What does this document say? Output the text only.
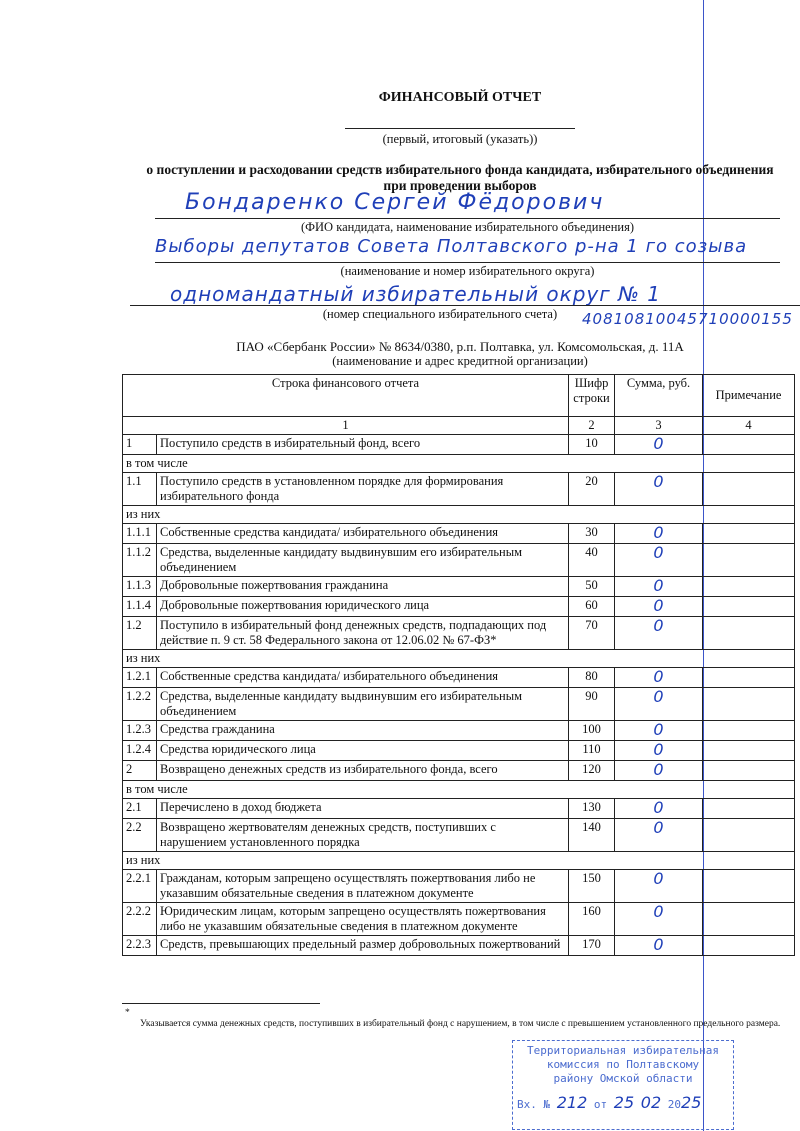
ФИНАНСОВЫЙ ОТЧЕТ
(первый, итоговый (указать))
о поступлении и расходовании средств избирательного фонда кандидата, избирательного объединения
при проведении выборов
Бондаренко Сергей Фёдорович
(ФИО кандидата, наименование избирательного объединения)
Выборы депутатов Совета Полтавского р-на 1 го созыва
(наименование и номер избирательного округа)
одномандатный избирательный округ № 1
(номер специального избирательного счета)	40810810045710000155
ПАО «Сбербанк России» № 8634/0380, р.п. Полтавка, ул. Комсомольская, д. 11А
(наименование и адрес кредитной организации)
Строка финансового отчета		Шифр строки	Сумма, руб.	Примечание
1		2	3	4
1	Поступило средств в избирательный фонд, всего	10	0	
в том числе				
1.1	Поступило средств в установленном порядке для формирования избирательного фонда	20	0	
из них				
1.1.1	Собственные средства кандидата/ избирательного объединения	30	0	
1.1.2	Средства, выделенные кандидату выдвинувшим его избирательным объединением	40	0	
1.1.3	Добровольные пожертвования гражданина	50	0	
1.1.4	Добровольные пожертвования юридического лица	60	0	
1.2	Поступило в избирательный фонд денежных средств, подпадающих под действие п. 9 ст. 58 Федерального закона от 12.06.02 № 67-ФЗ*	70	0	
из них				
1.2.1	Собственные средства кандидата/ избирательного объединения	80	0	
1.2.2	Средства, выделенные кандидату выдвинувшим его избирательным объединением	90	0	
1.2.3	Средства гражданина	100	0	
1.2.4	Средства юридического лица	110	0	
2	Возвращено денежных средств из избирательного фонда, всего	120	0	
в том числе				
2.1	Перечислено в доход бюджета	130	0	
2.2	Возвращено жертвователям денежных средств, поступивших с нарушением установленного порядка	140	0	
из них				
2.2.1	Гражданам, которым запрещено осуществлять пожертвования либо не указавшим обязательные сведения в платежном документе	150	0	
2.2.2	Юридическим лицам, которым запрещено осуществлять пожертвования либо не указавшим обязательные сведения в платежном документе	160	0	
2.2.3	Средств, превышающих предельный размер добровольных пожертвований	170	0	
*
Указывается сумма денежных средств, поступивших в избирательный фонд с нарушением, в том числе с превышением установленного предельного размера.
Территориальная избирательная
комиссия по Полтавскому
району Омской области
Вх. № 212 от 25 02 2025
